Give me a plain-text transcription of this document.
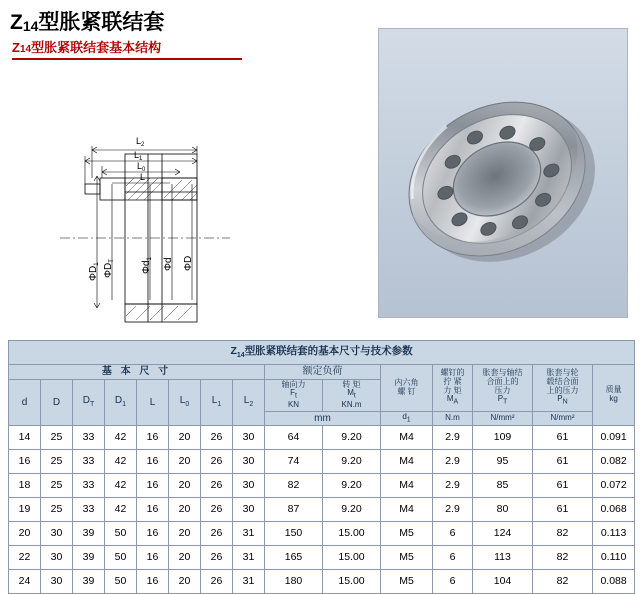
Z14型胀紧联结套
Z14型胀紧联结套基本结构
$L_2$
$L_1$
$L_0$
L
$\Phi D_1$ $\Phi D_T$	$\Phi d_1$ Φd ΦD
$Z_{14}$型胀紧联结套的基本尺寸与技术参数														
基 本 尺 寸								额定负荷		内六角
螺 钉	螺钉的
拧 紧
力 矩
MA	胀套与轴结
合面上的
压力
PT	胀套与轮
毂结合面
上的压力
PN	质量
kg
d	D	$D_T$	$D_1$	L	$L_0$	$L_1$	$L_2$	轴向力
Ft
KN	转 矩
Mt
KN.m					
								mm		d1	N.m	N/mm²	N/mm²	
14	25	33	42	16	20	26	30	64	9.20	M4	2.9	109	61	0.091
16	25	33	42	16	20	26	30	74	9.20	M4	2.9	95	61	0.082
18	25	33	42	16	20	26	30	82	9.20	M4	2.9	85	61	0.072
19	25	33	42	16	20	26	30	87	9.20	M4	2.9	80	61	0.068
20	30	39	50	16	20	26	31	150	15.00	M5	6	124	82	0.113
22	30	39	50	16	20	26	31	165	15.00	M5	6	113	82	0.110
24	30	39	50	16	20	26	31	180	15.00	M5	6	104	82	0.088
